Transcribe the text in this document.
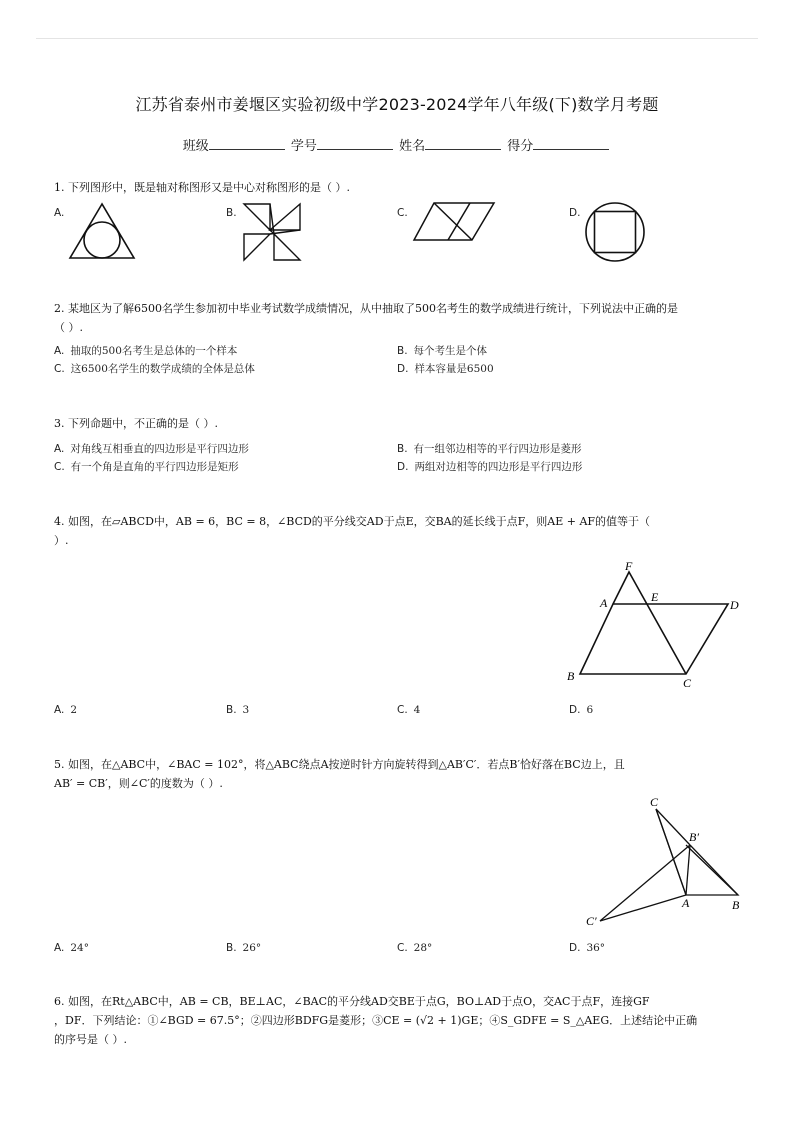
江苏省泰州市姜堰区实验初级中学2023-2024学年八年级(下)数学月考题
班级	学号	姓名	得分
1. 下列图形中，既是轴对称图形又是中心对称图形的是（ ）.
A.	B.	C.	D.
2. 某地区为了解6500名学生参加初中毕业考试数学成绩情况，从中抽取了500名考生的数学成绩进行统计，下列说法中正确的是
（ ）.
A. 抽取的500名考生是总体的一个样本	B. 每个考生是个体
C. 这6500名学生的数学成绩的全体是总体	D. 样本容量是6500
3. 下列命题中，不正确的是（ ）.
A. 对角线互相垂直的四边形是平行四边形	B. 有一组邻边相等的平行四边形是菱形
C. 有一个角是直角的平行四边形是矩形	D. 两组对边相等的四边形是平行四边形
4. 如图，在▱ABCD中，AB = 6，BC = 8，∠BCD的平分线交AD于点E，交BA的延长线于点F，则AE + AF的值等于（
）.
F
A	E
D
B	C
A. 2	B. 3	C. 4	D. 6
5. 如图，在△ABC中，∠BAC = 102°，将△ABC绕点A按逆时针方向旋转得到△AB′C′．若点B′恰好落在BC边上，且
AB′ = CB′，则∠C′的度数为（ ）.
C
B′
A	B
C′
A. 24°	B. 26°	C. 28°	D. 36°
6. 如图，在Rt△ABC中，AB = CB，BE⊥AC，∠BAC的平分线AD交BE于点G，BO⊥AD于点O，交AC于点F，连接GF
，DF．下列结论：①∠BGD = 67.5°；②四边形BDFG是菱形；③CE = (√2 + 1)GE；④S_GDFE = S_△AEG．上述结论中正确
的序号是（ ）.
